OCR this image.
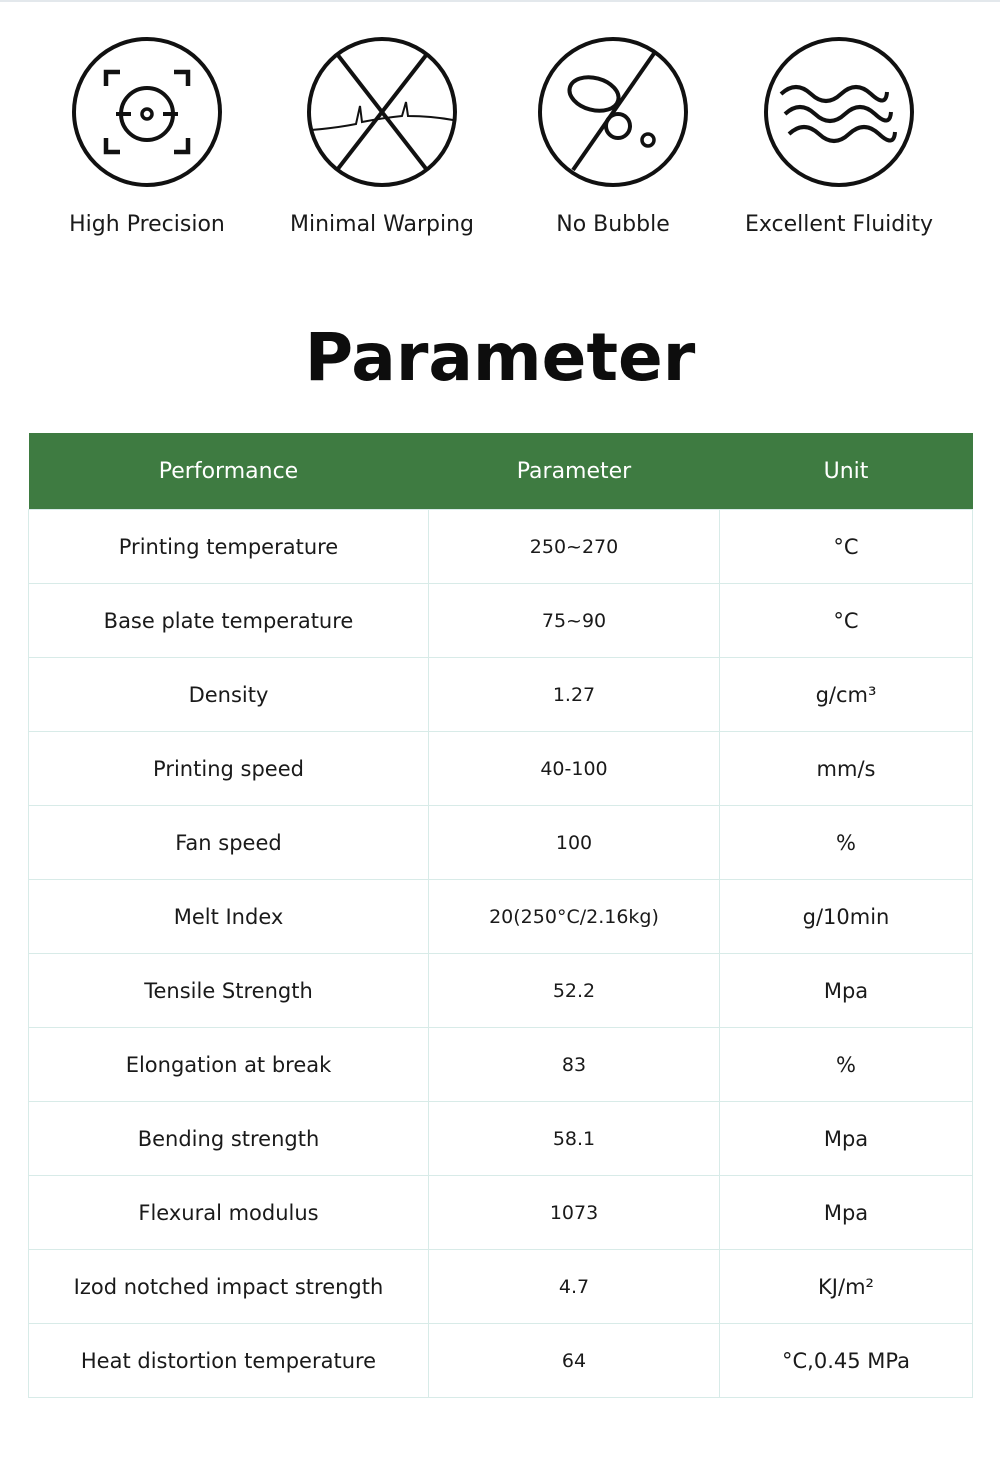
High Precision	Minimal Warping	No Bubble	Excellent Fluidity
Parameter
Performance	Parameter	Unit
Printing temperature	250~270	°C
Base plate temperature	75~90	°C
Density	1.27	g/cm³
Printing speed	40-100	mm/s
Fan speed	100	%
Melt Index	20(250°C/2.16kg)	g/10min
Tensile Strength	52.2	Mpa
Elongation at break	83	%
Bending strength	58.1	Mpa
Flexural modulus	1073	Mpa
Izod notched impact strength	4.7	KJ/m²
Heat distortion temperature	64	°C,0.45 MPa
